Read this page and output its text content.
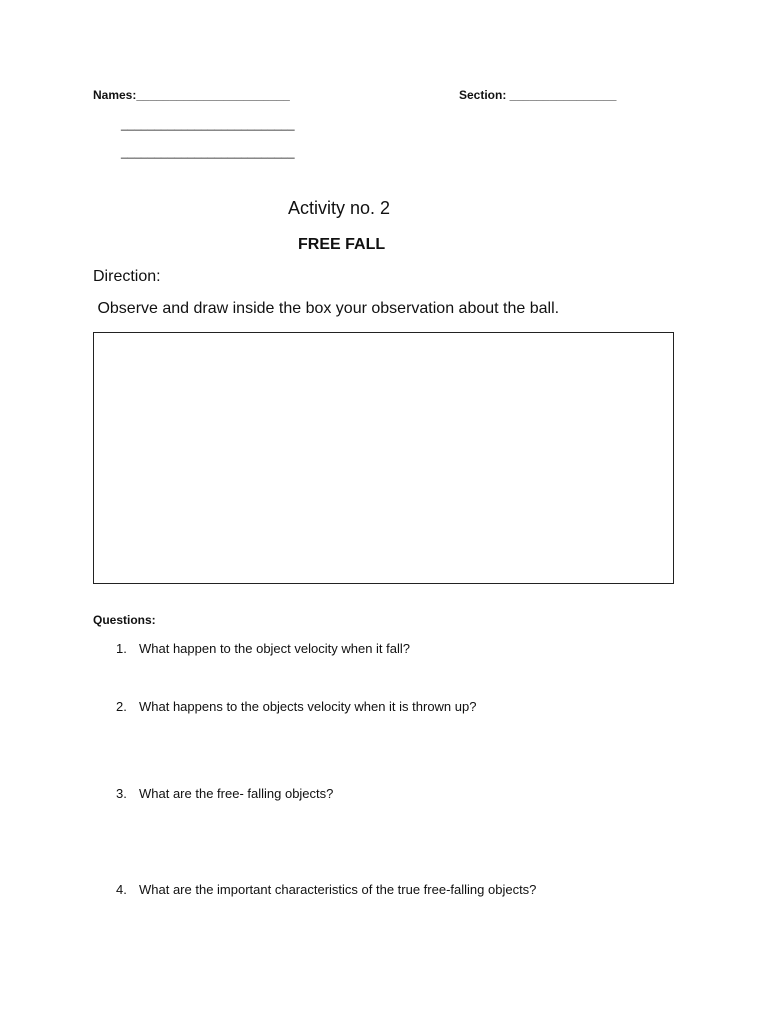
Names:_______________________	Section: ________________
__________________________
__________________________
Activity no. 2
FREE FALL
Direction:
Observe and draw inside the box your observation about the ball.
Questions:
1. What happen to the object velocity when it fall?
2. What happens to the objects velocity when it is thrown up?
3. What are the free- falling objects?
4. What are the important characteristics of the true free-falling objects?
